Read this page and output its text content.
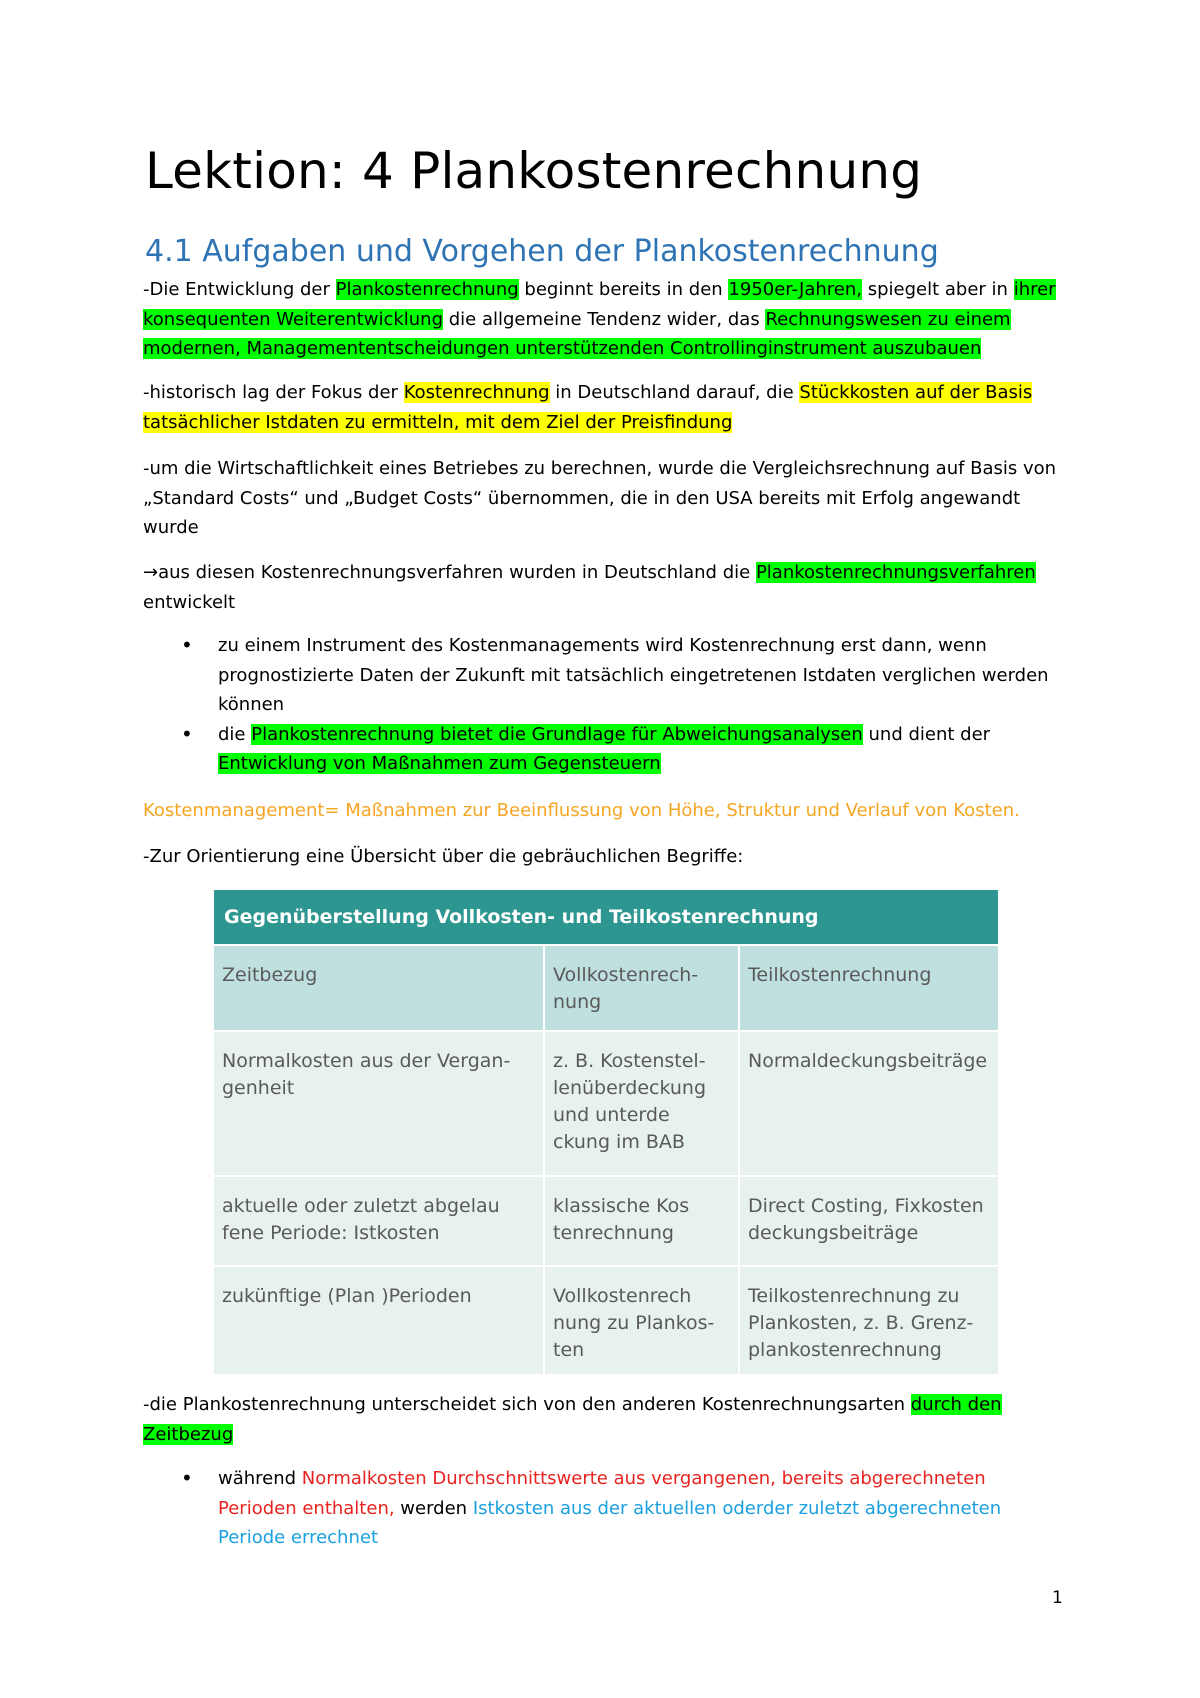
Lektion: 4 Plankostenrechnung
4.1 Aufgaben und Vorgehen der Plankostenrechnung

-Die Entwicklung der Plankostenrechnung beginnt bereits in den 1950er-Jahren, spiegelt aber in ihrer konsequenten Weiterentwicklung die allgemeine Tendenz wider, das Rechnungswesen zu einem modernen, Managemententscheidungen unterstützenden Controllinginstrument auszubauen

-historisch lag der Fokus der Kostenrechnung in Deutschland darauf, die Stückkosten auf der Basis tatsächlicher Istdaten zu ermitteln, mit dem Ziel der Preisfindung

-um die Wirtschaftlichkeit eines Betriebes zu berechnen, wurde die Vergleichsrechnung auf Basis von „Standard Costs“ und „Budget Costs“ übernommen, die in den USA bereits mit Erfolg angewandt wurde

→aus diesen Kostenrechnungsverfahren wurden in Deutschland die Plankostenrechnungsverfahren entwickelt

• zu einem Instrument des Kostenmanagements wird Kostenrechnung erst dann, wenn prognostizierte Daten der Zukunft mit tatsächlich eingetretenen Istdaten verglichen werden können
• die Plankostenrechnung bietet die Grundlage für Abweichungsanalysen und dient der Entwicklung von Maßnahmen zum Gegensteuern

Kostenmanagement= Maßnahmen zur Beeinflussung von Höhe, Struktur und Verlauf von Kosten.

-Zur Orientierung eine Übersicht über die gebräuchlichen Begriffe:

Gegenüberstellung Vollkosten- und Teilkostenrechnung		
Zeitbezug	Vollkostenrech-nung	Teilkostenrechnung
Normalkosten aus der Vergan-genheit	z. B. Kostenstel-lenüberdeckung und unterde ckung im BAB	Normaldeckungsbeiträge
aktuelle oder zuletzt abgelau fene Periode: Istkosten	klassische Kos tenrechnung	Direct Costing, Fixkosten deckungsbeiträge
zukünftige (Plan )Perioden	Vollkostenrech nung zu Plankos-ten	Teilkostenrechnung zu Plankosten, z. B. Grenz-plankostenrechnung

-die Plankostenrechnung unterscheidet sich von den anderen Kostenrechnungsarten durch den Zeitbezug

• während Normalkosten Durchschnittswerte aus vergangenen, bereits abgerechneten Perioden enthalten, werden Istkosten aus der aktuellen oderder zuletzt abgerechneten Periode errechnet
1
